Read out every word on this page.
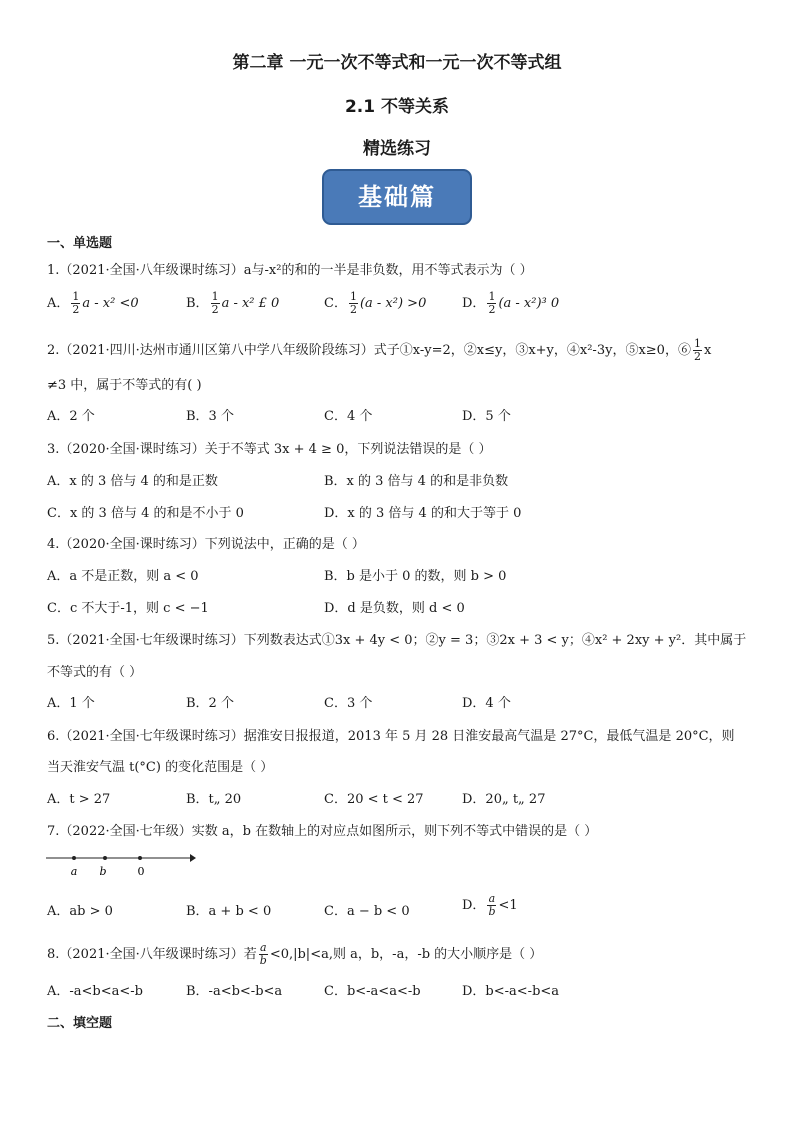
第二章 一元一次不等式和一元一次不等式组
2.1 不等关系
精选练习
基础篇
一、单选题
1.（2021·全国·八年级课时练习）a与-x²的和的一半是非负数，用不等式表示为（ ）
A． $\frac{1}{2}$ a - x² <0	B． $\frac{1}{2}$ a - x² £ 0	C． $\frac{1}{2} (a - x^2) >0$	D． $\frac{1}{2} (a - x^2)^3$ 0
2.（2021·四川·达州市通川区第八中学八年级阶段练习）式子①x-y=2，②x≤y，③x+y，④x²-3y，⑤x≥0，⑥ $\frac{1}{2}$ x
≠3 中，属于不等式的有( )
A．2 个	B．3 个	C．4 个	D．5 个
3.（2020·全国·课时练习）关于不等式 3x + 4 ≥ 0，下列说法错误的是（ ）
A．x 的 3 倍与 4 的和是正数	B．x 的 3 倍与 4 的和是非负数
C．x 的 3 倍与 4 的和是不小于 0	D．x 的 3 倍与 4 的和大于等于 0
4.（2020·全国·课时练习）下列说法中，正确的是（ ）
A．a 不是正数，则 a < 0	B．b 是小于 0 的数，则 b > 0
C．c 不大于-1，则 c < −1	D．d 是负数，则 d < 0
5.（2021·全国·七年级课时练习）下列数表达式①3x + 4y < 0；②y = 3；③2x + 3 < y；④x² + 2xy + y²．其中属于
不等式的有（ ）
A．1 个	B．2 个	C．3 个	D．4 个
6.（2021·全国·七年级课时练习）据淮安日报报道，2013 年 5 月 28 日淮安最高气温是 27°C，最低气温是 20°C，则
当天淮安气温 t(°C) 的变化范围是（ ）
A．t > 27	B．t„ 20	C．20 < t < 27	D．20„ t„ 27
7.（2022·全国·七年级）实数 a，b 在数轴上的对应点如图所示，则下列不等式中错误的是（ ）
a b	0
A．ab > 0	B．a + b < 0	C．a − b < 0	D． $\frac{a}{b} <1$
8.（2021·全国·八年级课时练习）若 $\frac{a}{b} <0,|b|<a$,则 a，b，-a，-b 的大小顺序是（ ）
A．-a<b<a<-b	B．-a<b<-b<a	C．b<-a<a<-b	D．b<-a<-b<a
二、填空题
